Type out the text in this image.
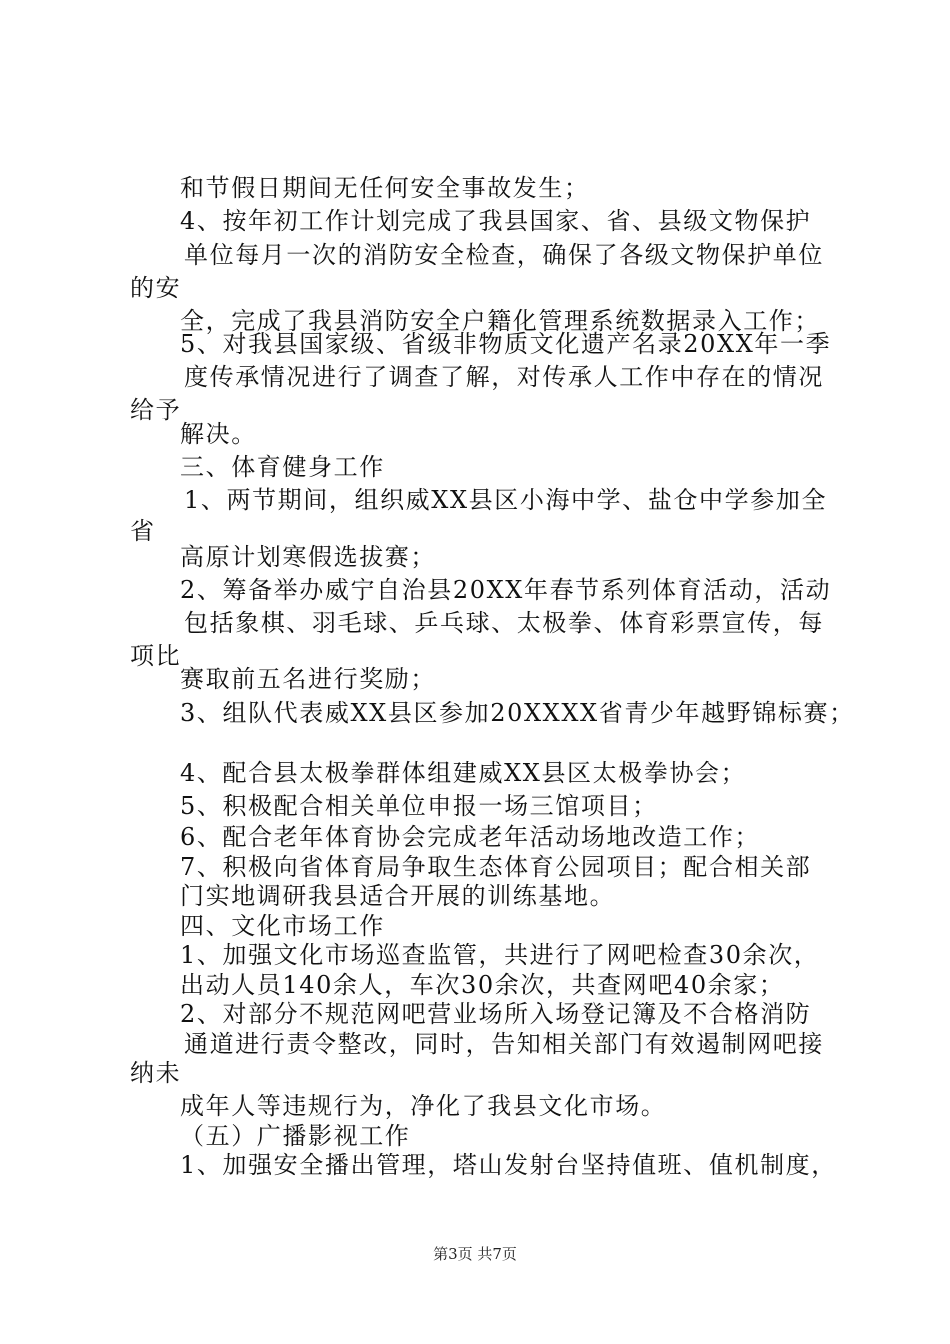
和节假日期间无任何安全事故发生；
4、按年初工作计划完成了我县国家、省、县级文物保护
单位每月一次的消防安全检查，确保了各级文物保护单位
的安
全，完成了我县消防安全户籍化管理系统数据录入工作；
5、对我县国家级、省级非物质文化遗产名录20XX年一季
度传承情况进行了调查了解，对传承人工作中存在的情况
给予
解决。
三、体育健身工作
1、两节期间，组织威XX县区小海中学、盐仓中学参加全
省
高原计划寒假选拔赛；
2、筹备举办威宁自治县20XX年春节系列体育活动，活动
包括象棋、羽毛球、乒乓球、太极拳、体育彩票宣传，每
项比
赛取前五名进行奖励；
3、组队代表威XX县区参加20XXXX省青少年越野锦标赛；
4、配合县太极拳群体组建威XX县区太极拳协会；
5、积极配合相关单位申报一场三馆项目；
6、配合老年体育协会完成老年活动场地改造工作；
7、积极向省体育局争取生态体育公园项目；配合相关部
门实地调研我县适合开展的训练基地。
四、文化市场工作
1、加强文化市场巡查监管，共进行了网吧检查30余次，
出动人员140余人，车次30余次，共查网吧40余家；
2、对部分不规范网吧营业场所入场登记簿及不合格消防
通道进行责令整改，同时，告知相关部门有效遏制网吧接
纳未
成年人等违规行为，净化了我县文化市场。
（五）广播影视工作
1、加强安全播出管理，塔山发射台坚持值班、值机制度，
第3页 共7页
